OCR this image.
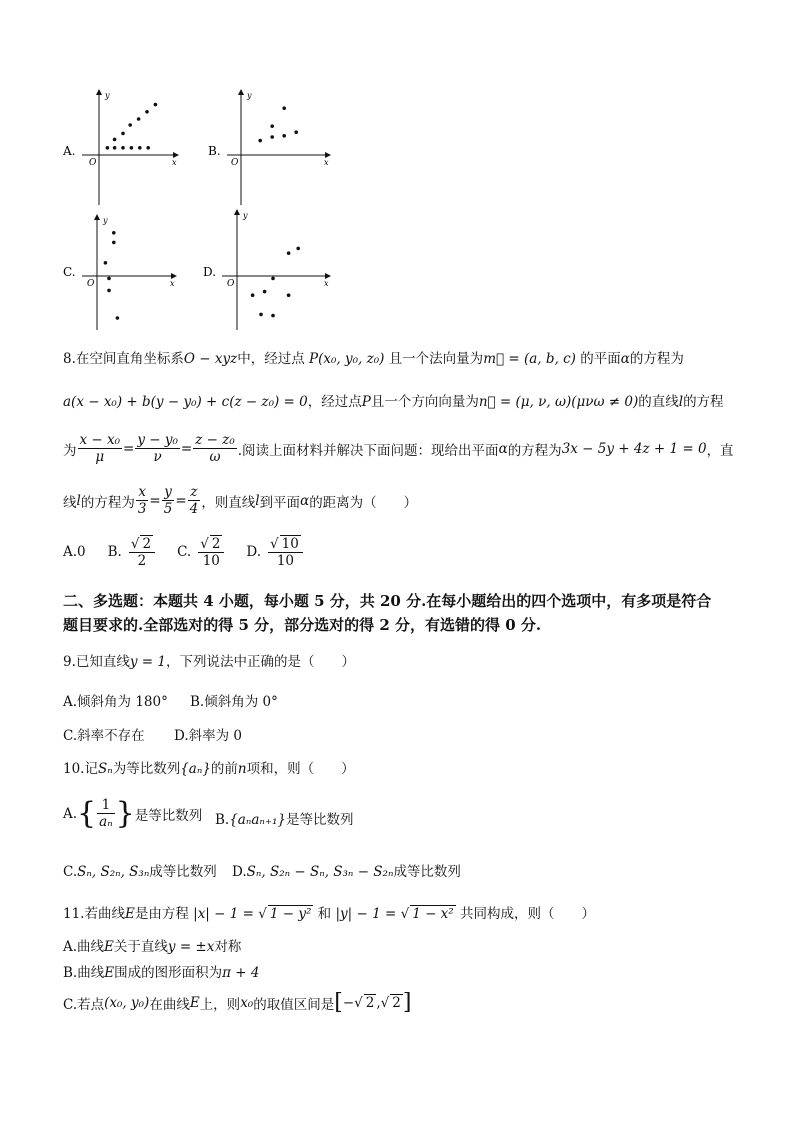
y
x
O
A.
y
x
O
B.
y
x
O
C.
y
x
O
D.
8.在空间直角坐标系O − xyz中，经过点 P(x₀, y₀, z₀) 且一个法向量为m⃗ = (a, b, c) 的平面α的方程为
a(x − x₀) + b(y − y₀) + c(z − z₀) = 0，经过点P且一个方向向量为n⃗ = (μ, ν, ω)(μνω ≠ 0)的直线l的方程
为 $\frac{\text{x − x₀}}{\mu} = \frac{\text{y − y₀}}{\nu} = \frac{\text{z − z₀}}{\omega}$ .阅读上面材料并解决下面问题：现给出平面 α 的方程为 3x − 5y + 4z + 1 = 0 ，直
线 l 的方程为 $\frac{x}{3} = \frac{y}{5} = \frac{z}{4}$ ，则直线 l 到平面 α 的距离为（　　）
A.0 B. $\frac{√ 2}{2} C$. $\frac{√ 2}{10} D$. $\frac{√ 10}{10}$
二、多选题：本题共 4 小题，每小题 5 分，共 20 分.在每小题给出的四个选项中，有多项是符合
题目要求的.全部选对的得 5 分，部分选对的得 2 分，有选错的得 0 分.
9.已知直线y = 1，下列说法中正确的是（　　）
A.倾斜角为 180° B.倾斜角为 0°
C.斜率不存在 D.斜率为 0
10.记Sₙ为等比数列{aₙ}的前n项和，则（　　）
A. { $\frac{1}{\text{aₙ}}$ } 是等比数列 B.{aₙaₙ₊₁}是等比数列
C.Sₙ, S₂ₙ, S₃ₙ成等比数列 D.Sₙ, S₂ₙ − Sₙ, S₃ₙ − S₂ₙ成等比数列
11.若曲线E是由方程 |x| − 1 = √ 1 − y² 和 |y| − 1 = √ 1 − x² 共同构成，则（　　）
A.曲线E关于直线y = ±x对称
B.曲线E围成的图形面积为π + 4
C.若点 (x₀, y₀) 在曲线 E 上，则 x₀ 的取值区间是 [ − √ 2 , √ 2 ]
